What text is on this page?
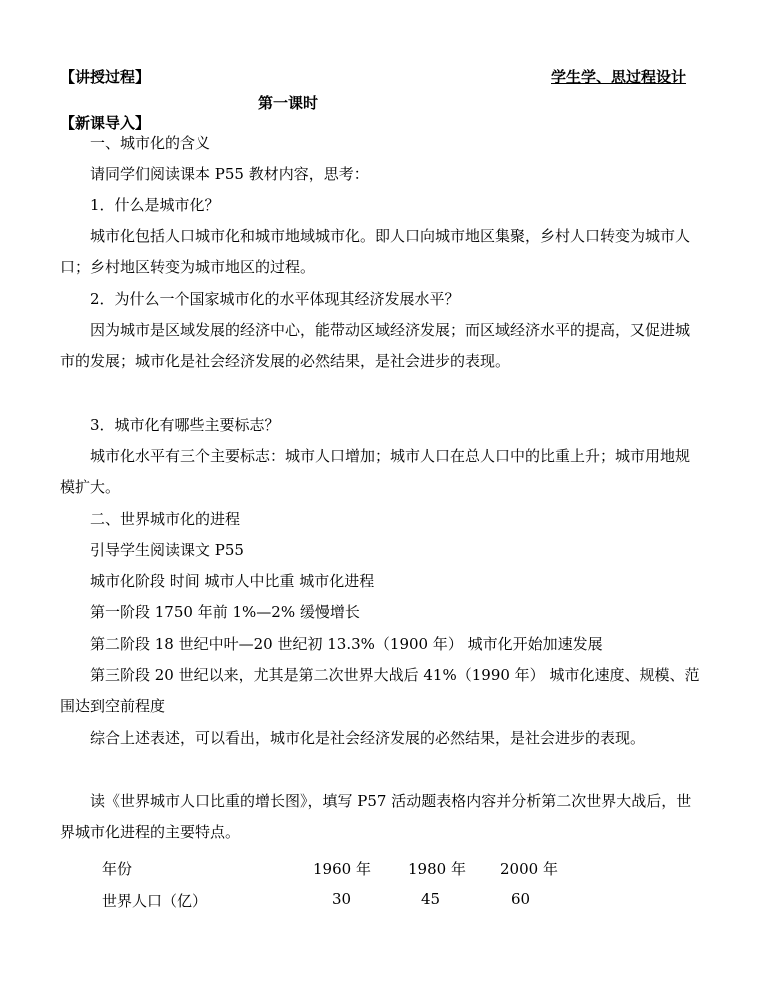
【讲授过程】	学生学、思过程设计
第一课时
【新课导入】
一、城市化的含义
请同学们阅读课本 P55 教材内容，思考：
1．什么是城市化？
城市化包括人口城市化和城市地域城市化。即人口向城市地区集聚，乡村人口转变为城市人口；乡村地区转变为城市地区的过程。
2．为什么一个国家城市化的水平体现其经济发展水平？
因为城市是区域发展的经济中心，能带动区域经济发展；而区域经济水平的提高，又促进城市的发展；城市化是社会经济发展的必然结果，是社会进步的表现。
3．城市化有哪些主要标志？
城市化水平有三个主要标志：城市人口增加；城市人口在总人口中的比重上升；城市用地规模扩大。
二、世界城市化的进程
引导学生阅读课文 P55
城市化阶段 时间 城市人中比重 城市化进程
第一阶段 1750 年前 1%—2% 缓慢增长
第二阶段 18 世纪中叶—20 世纪初 13.3%（1900 年） 城市化开始加速发展
第三阶段 20 世纪以来，尤其是第二次世界大战后 41%（1990 年） 城市化速度、规模、范围达到空前程度
综合上述表述，可以看出，城市化是社会经济发展的必然结果，是社会进步的表现。
读《世界城市人口比重的增长图》，填写 P57 活动题表格内容并分析第二次世界大战后，世界城市化进程的主要特点。
年份	1960 年 1980 年 2000 年
世界人口（亿）	30	45	60
